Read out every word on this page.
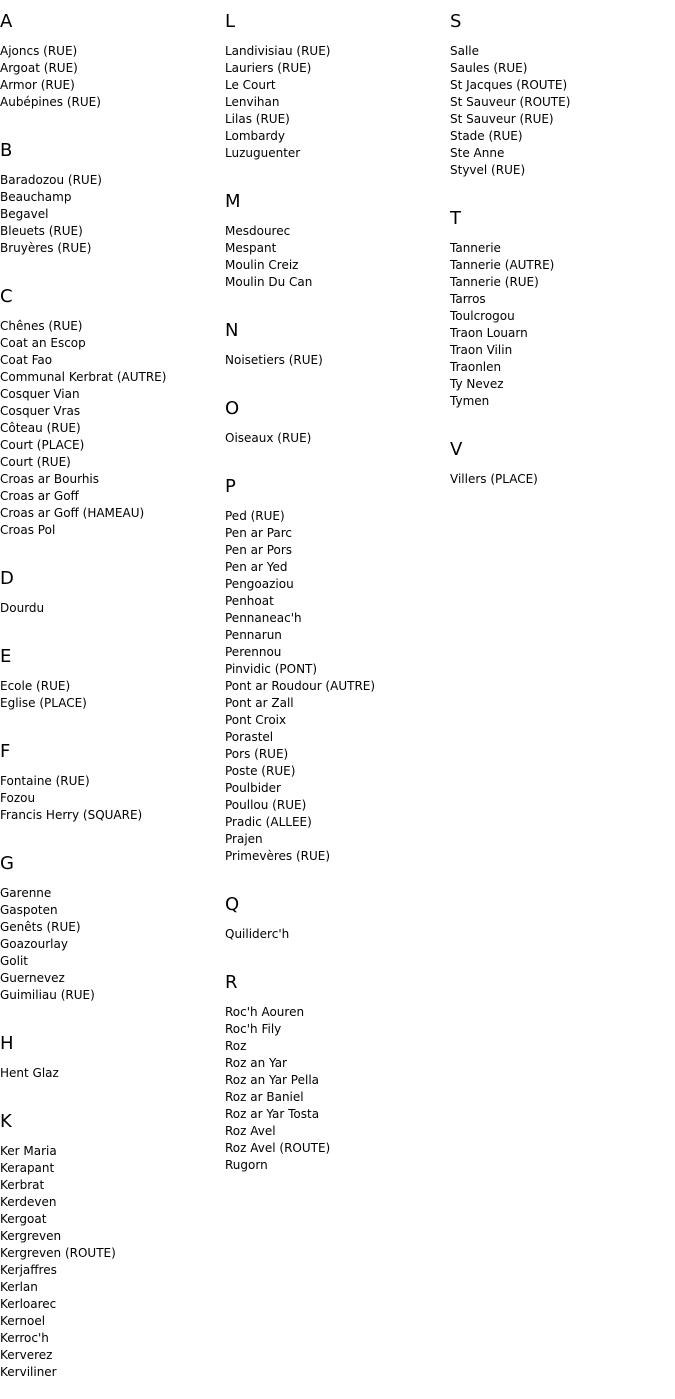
A
Ajoncs (RUE)
Argoat (RUE)
Armor (RUE)
Aubépines (RUE)
B
Baradozou (RUE)
Beauchamp
Begavel
Bleuets (RUE)
Bruyères (RUE)
C
Chênes (RUE)
Coat an Escop
Coat Fao
Communal Kerbrat (AUTRE)
Cosquer Vian
Cosquer Vras
Côteau (RUE)
Court (PLACE)
Court (RUE)
Croas ar Bourhis
Croas ar Goff
Croas ar Goff (HAMEAU)
Croas Pol
D
Dourdu
E
Ecole (RUE)
Eglise (PLACE)
F
Fontaine (RUE)
Fozou
Francis Herry (SQUARE)
G
Garenne
Gaspoten
Genêts (RUE)
Goazourlay
Golit
Guernevez
Guimiliau (RUE)
H
Hent Glaz
K
Ker Maria
Kerapant
Kerbrat
Kerdeven
Kergoat
Kergreven
Kergreven (ROUTE)
Kerjaffres
Kerlan
Kerloarec
Kernoel
Kerroc'h
Kerverez
Kerviliner
L
Landivisiau (RUE)
Lauriers (RUE)
Le Court
Lenvihan
Lilas (RUE)
Lombardy
Luzuguenter
M
Mesdourec
Mespant
Moulin Creiz
Moulin Du Can
N
Noisetiers (RUE)
O
Oiseaux (RUE)
P
Ped (RUE)
Pen ar Parc
Pen ar Pors
Pen ar Yed
Pengoaziou
Penhoat
Pennaneac'h
Pennarun
Perennou
Pinvidic (PONT)
Pont ar Roudour (AUTRE)
Pont ar Zall
Pont Croix
Porastel
Pors (RUE)
Poste (RUE)
Poulbider
Poullou (RUE)
Pradic (ALLEE)
Prajen
Primevères (RUE)
Q
Quiliderc'h
R
Roc'h Aouren
Roc'h Fily
Roz
Roz an Yar
Roz an Yar Pella
Roz ar Baniel
Roz ar Yar Tosta
Roz Avel
Roz Avel (ROUTE)
Rugorn
S
Salle
Saules (RUE)
St Jacques (ROUTE)
St Sauveur (ROUTE)
St Sauveur (RUE)
Stade (RUE)
Ste Anne
Styvel (RUE)
T
Tannerie
Tannerie (AUTRE)
Tannerie (RUE)
Tarros
Toulcrogou
Traon Louarn
Traon Vilin
Traonlen
Ty Nevez
Tymen
V
Villers (PLACE)
